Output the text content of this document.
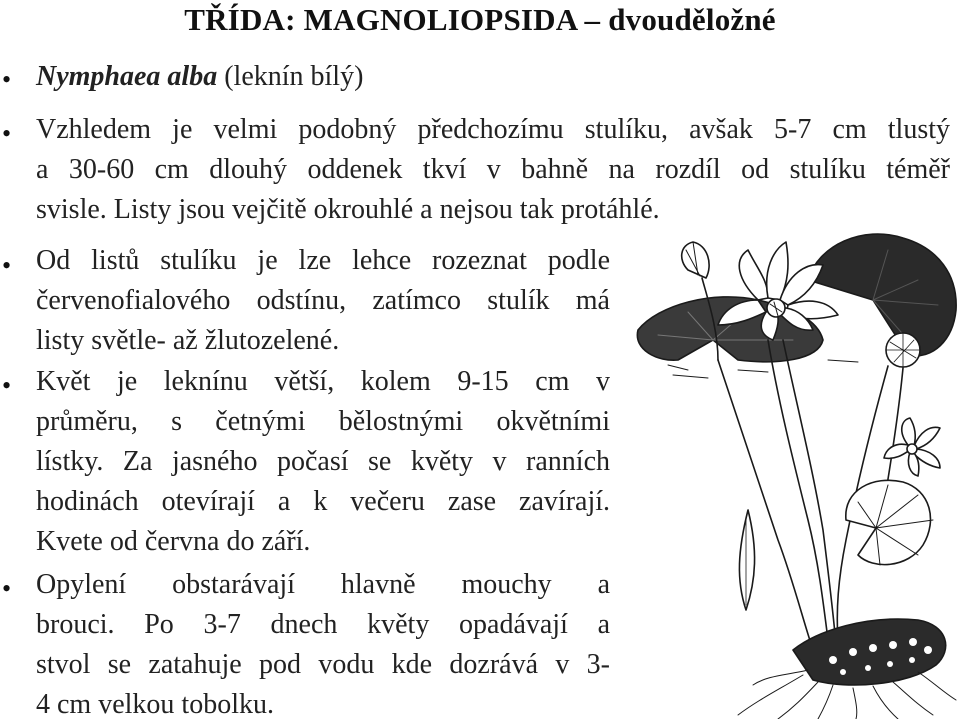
TŘÍDA: MAGNOLIOPSIDA – dvouděložné
• Nymphaea alba (leknín bílý)
• Vzhledem je velmi podobný předchozímu stulíku, avšak 5-7 cm tlustý
a 30-60 cm dlouhý oddenek tkví v bahně na rozdíl od stulíku téměř
svisle. Listy jsou vejčitě okrouhlé a nejsou tak protáhlé.
• Od listů stulíku je lze lehce rozeznat podle
červenofialového odstínu, zatímco stulík má
listy světle- až žlutozelené.
• Květ je leknínu větší, kolem 9-15 cm v
průměru, s četnými bělostnými okvětními
lístky. Za jasného počasí se květy v ranních
hodinách otevírají a k večeru zase zavírají.
Kvete od června do září.
• Opylení obstarávají hlavně mouchy a
brouci. Po 3-7 dnech květy opadávají a
stvol se zatahuje pod vodu kde dozrává v 3-
4 cm velkou tobolku.
